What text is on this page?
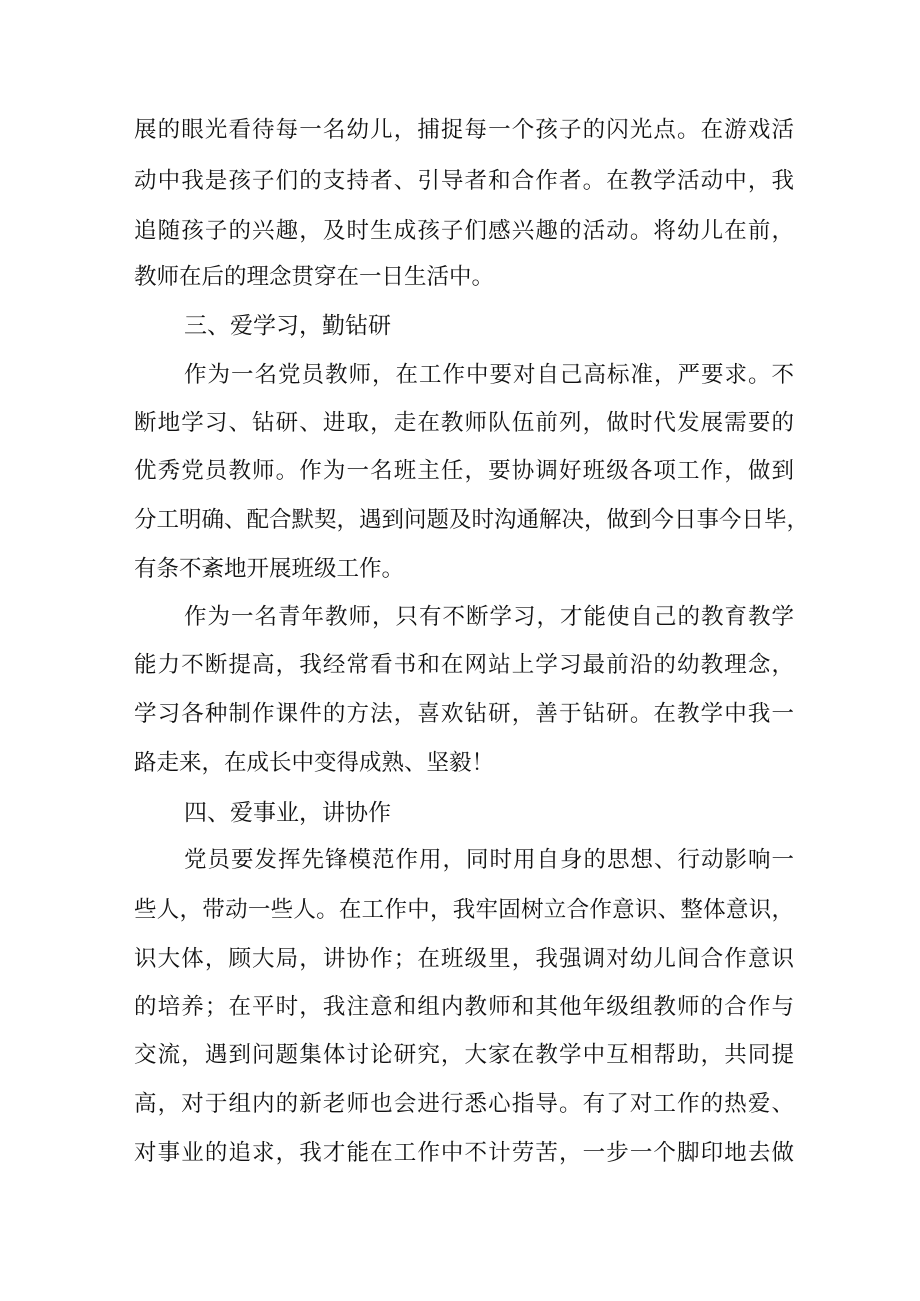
展的眼光看待每一名幼儿，捕捉每一个孩子的闪光点。在游戏活
动中我是孩子们的支持者、引导者和合作者。在教学活动中，我
追随孩子的兴趣，及时生成孩子们感兴趣的活动。将幼儿在前，
教师在后的理念贯穿在一日生活中。
三、爱学习，勤钻研
作为一名党员教师，在工作中要对自己高标准，严要求。不
断地学习、钻研、进取，走在教师队伍前列，做时代发展需要的
优秀党员教师。作为一名班主任，要协调好班级各项工作，做到
分工明确、配合默契，遇到问题及时沟通解决，做到今日事今日毕，
有条不紊地开展班级工作。
作为一名青年教师，只有不断学习，才能使自己的教育教学
能力不断提高，我经常看书和在网站上学习最前沿的幼教理念，
学习各种制作课件的方法，喜欢钻研，善于钻研。在教学中我一
路走来，在成长中变得成熟、坚毅！
四、爱事业，讲协作
党员要发挥先锋模范作用，同时用自身的思想、行动影响一
些人，带动一些人。在工作中，我牢固树立合作意识、整体意识，
识大体，顾大局，讲协作；在班级里，我强调对幼儿间合作意识
的培养；在平时，我注意和组内教师和其他年级组教师的合作与
交流，遇到问题集体讨论研究，大家在教学中互相帮助，共同提
高，对于组内的新老师也会进行悉心指导。有了对工作的热爱、
对事业的追求，我才能在工作中不计劳苦，一步一个脚印地去做
